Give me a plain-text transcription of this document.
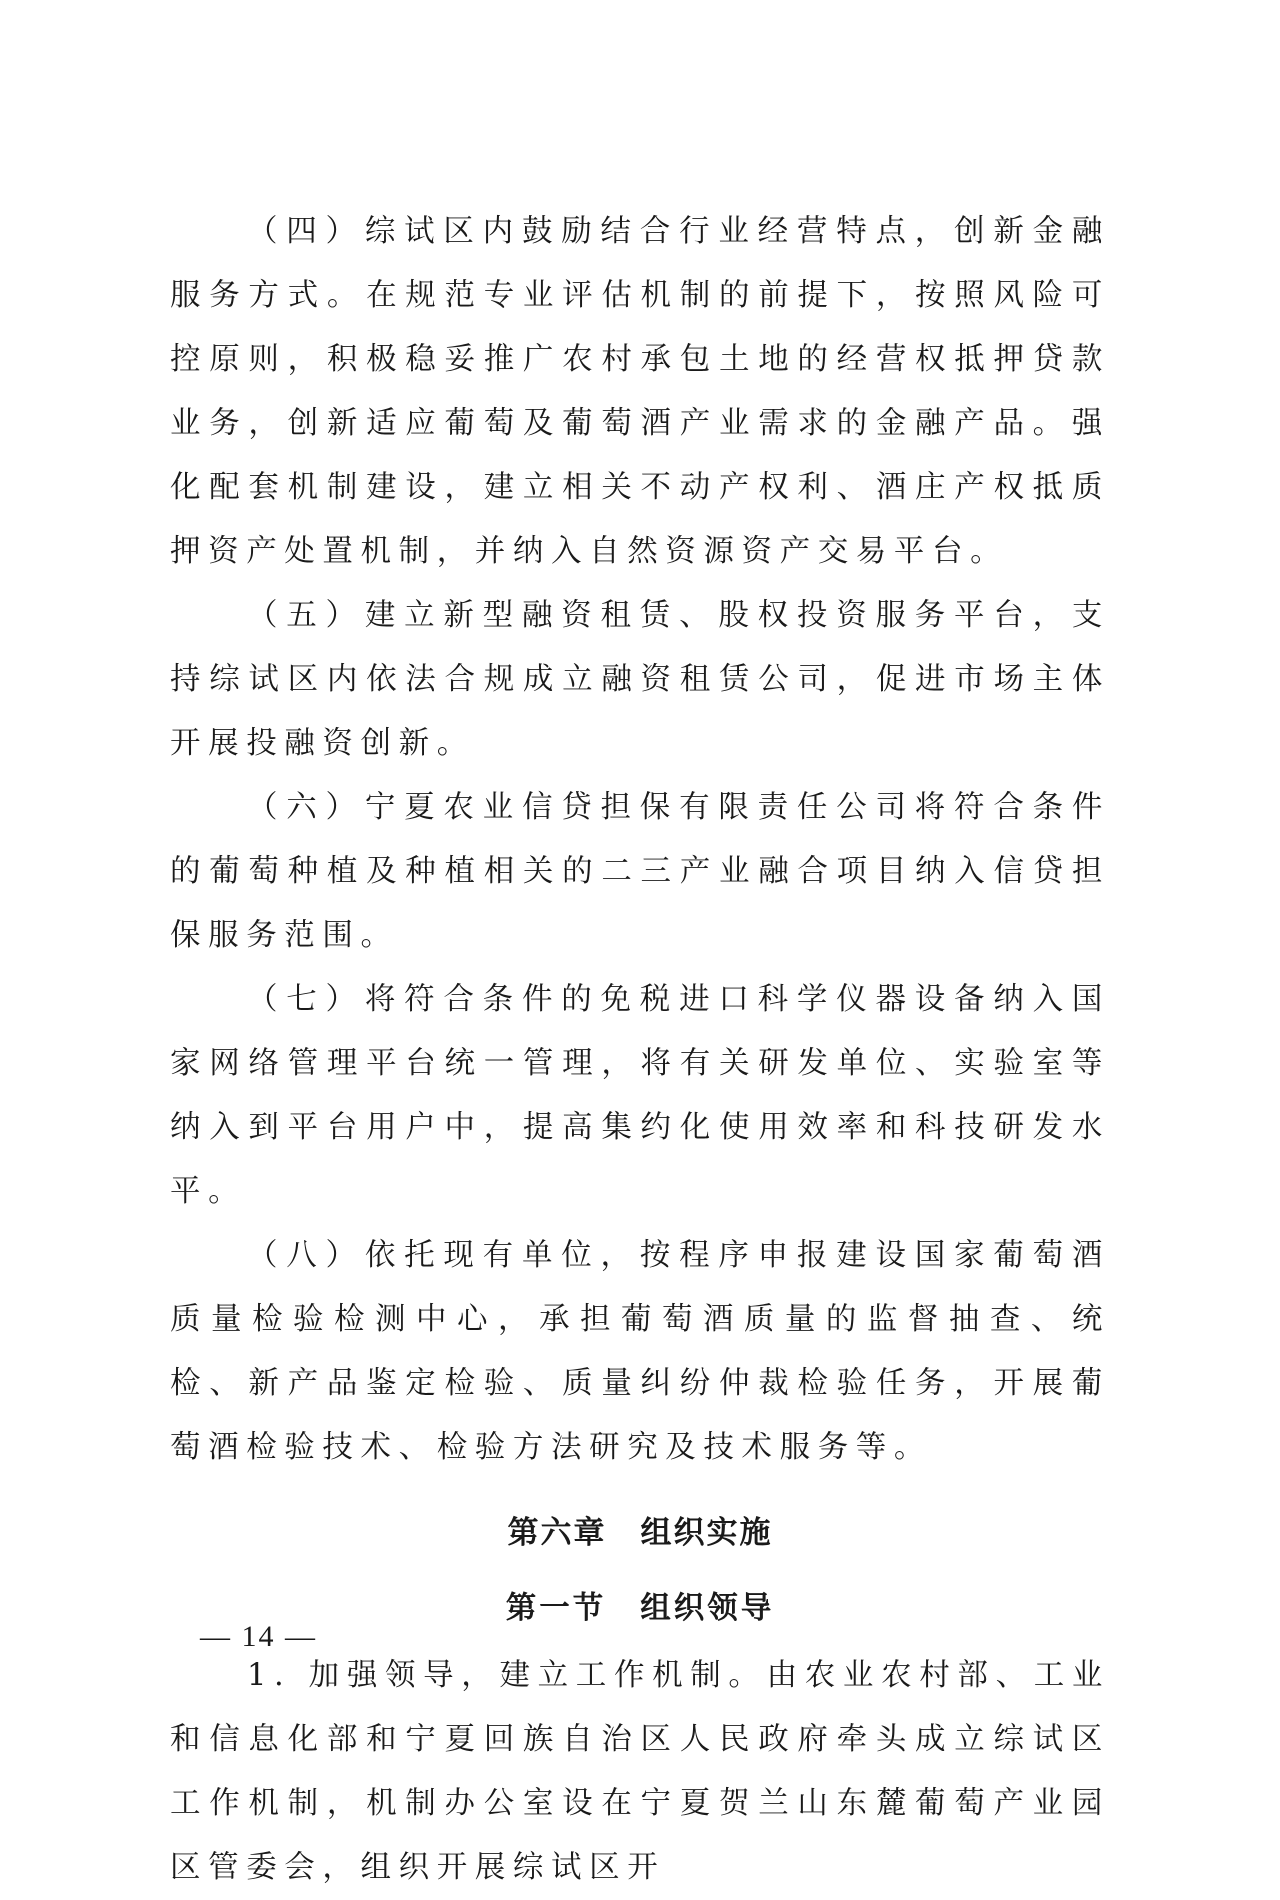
（四）综试区内鼓励结合行业经营特点，创新金融服务方式。在规范专业评估机制的前提下，按照风险可控原则，积极稳妥推广农村承包土地的经营权抵押贷款业务，创新适应葡萄及葡萄酒产业需求的金融产品。强化配套机制建设，建立相关不动产权利、酒庄产权抵质押资产处置机制，并纳入自然资源资产交易平台。

（五）建立新型融资租赁、股权投资服务平台，支持综试区内依法合规成立融资租赁公司，促进市场主体开展投融资创新。

（六）宁夏农业信贷担保有限责任公司将符合条件的葡萄种植及种植相关的二三产业融合项目纳入信贷担保服务范围。

（七）将符合条件的免税进口科学仪器设备纳入国家网络管理平台统一管理，将有关研发单位、实验室等纳入到平台用户中，提高集约化使用效率和科技研发水平。

（八）依托现有单位，按程序申报建设国家葡萄酒质量检验检测中心，承担葡萄酒质量的监督抽查、统检、新产品鉴定检验、质量纠纷仲裁检验任务，开展葡萄酒检验技术、检验方法研究及技术服务等。

第六章 组织实施
第一节 组织领导

1. 加强领导，建立工作机制。由农业农村部、工业和信息化部和宁夏回族自治区人民政府牵头成立综试区工作机制，机制办公室设在宁夏贺兰山东麓葡萄产业园区管委会，组织开展综试区开

— 14 —
